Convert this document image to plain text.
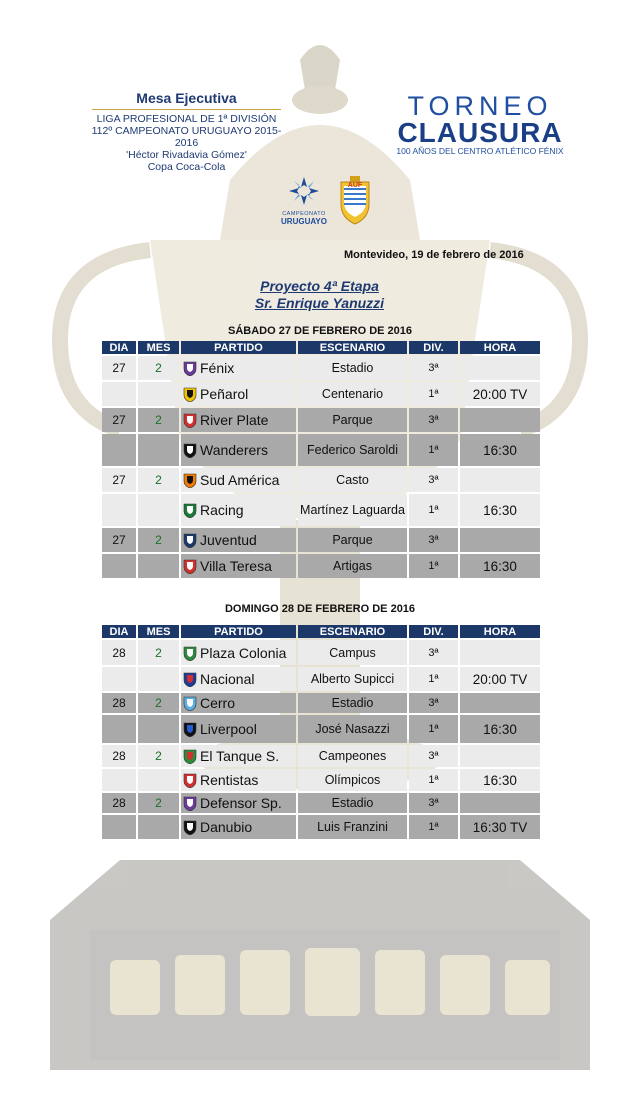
Mesa Ejecutiva
LIGA PROFESIONAL DE 1ª DIVISIÓN
112º CAMPEONATO URUGUAYO 2015-2016
'Héctor Rivadavia Gómez'
Copa Coca-Cola
TORNEO
CLAUSURA
100 AÑOS DEL CENTRO ATLÉTICO FÉNIX
CAMPEONATO
URUGUAYO
AUF
Montevideo, 19 de febrero de 2016
Proyecto 4ª Etapa
Sr. Enrique Yanuzzi
SÁBADO 27 DE FEBRERO DE 2016
DIA	MES	PARTIDO	ESCENARIO	DIV.	HORA
27	2	Fénix	Estadio	3ª	
		Peñarol	Centenario	1ª	20:00 TV
27	2	River Plate	Parque	3ª	
		Wanderers	Federico Saroldi	1ª	16:30
27	2	Sud América	Casto	3ª	
		Racing	Martínez Laguarda	1ª	16:30
27	2	Juventud	Parque	3ª	
		Villa Teresa	Artigas	1ª	16:30
DOMINGO 28 DE FEBRERO DE 2016
DIA	MES	PARTIDO	ESCENARIO	DIV.	HORA
28	2	Plaza Colonia	Campus	3ª	
		Nacional	Alberto Supicci	1ª	20:00 TV
28	2	Cerro	Estadio	3ª	
		Liverpool	José Nasazzi	1ª	16:30
28	2	El Tanque S.	Campeones	3ª	
		Rentistas	Olímpicos	1ª	16:30
28	2	Defensor Sp.	Estadio	3ª	
		Danubio	Luis Franzini	1ª	16:30 TV
